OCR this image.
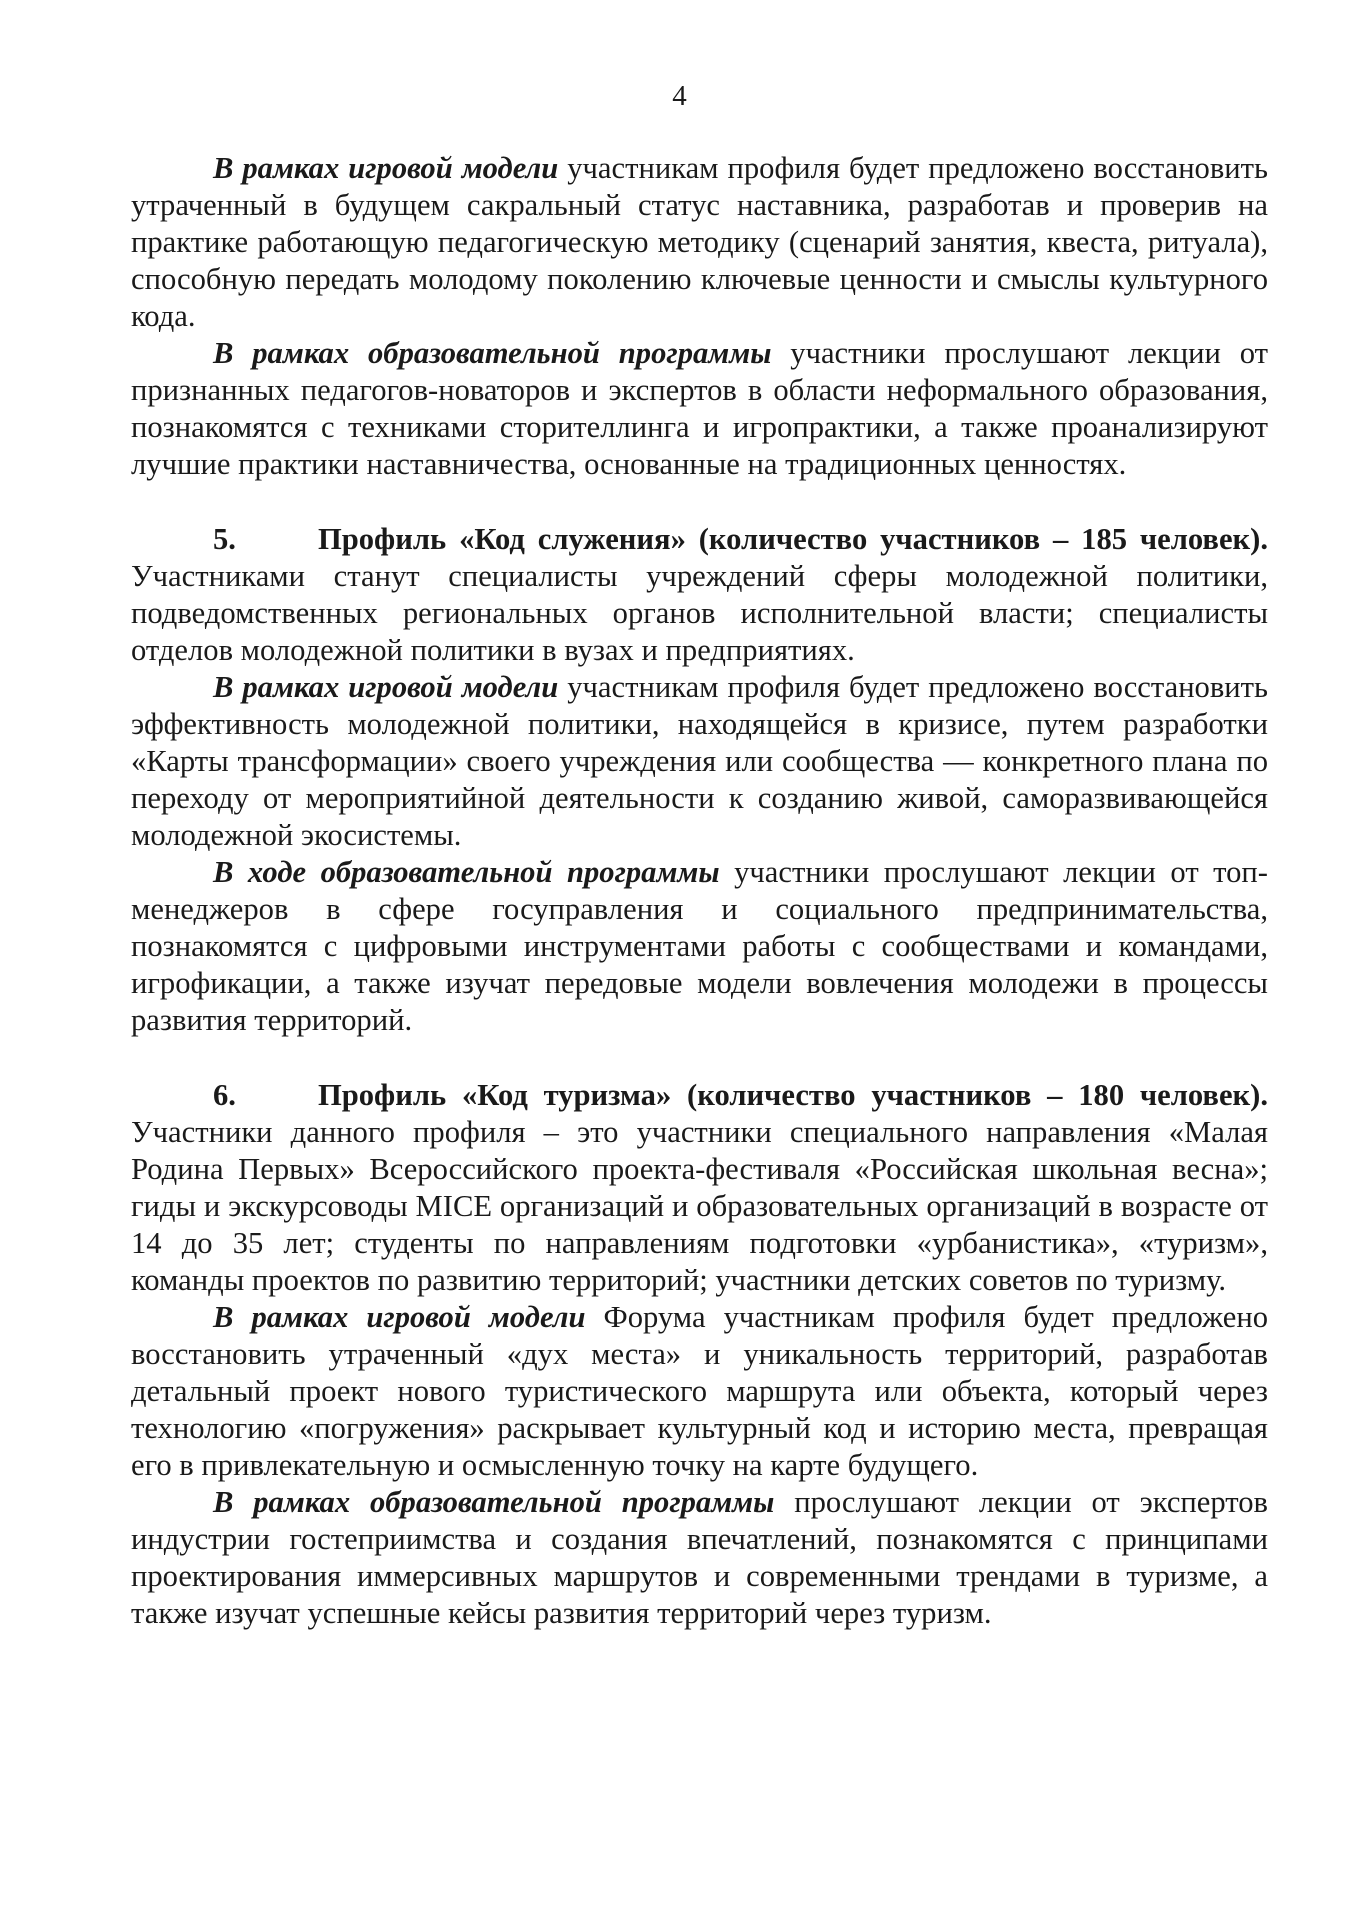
4

В рамках игровой модели участникам профиля будет предложено восстановить утраченный в будущем сакральный статус наставника, разработав и проверив на практике работающую педагогическую методику (сценарий занятия, квеста, ритуала), способную передать молодому поколению ключевые ценности и смыслы культурного кода.

В рамках образовательной программы участники прослушают лекции от признанных педагогов-новаторов и экспертов в области неформального образования, познакомятся с техниками сторителлинга и игропрактики, а также проанализируют лучшие практики наставничества, основанные на традиционных ценностях.

5.	Профиль «Код служения» (количество участников – 185 человек). Участниками станут специалисты учреждений сферы молодежной политики, подведомственных региональных органов исполнительной власти; специалисты отделов молодежной политики в вузах и предприятиях.

В рамках игровой модели участникам профиля будет предложено восстановить эффективность молодежной политики, находящейся в кризисе, путем разработки «Карты трансформации» своего учреждения или сообщества — конкретного плана по переходу от мероприятийной деятельности к созданию живой, саморазвивающейся молодежной экосистемы.

В ходе образовательной программы участники прослушают лекции от топ-менеджеров в сфере госуправления и социального предпринимательства, познакомятся с цифровыми инструментами работы с сообществами и командами, игрофикации, а также изучат передовые модели вовлечения молодежи в процессы развития территорий.

6.	Профиль «Код туризма» (количество участников – 180 человек). Участники данного профиля – это участники специального направления «Малая Родина Первых» Всероссийского проекта-фестиваля «Российская школьная весна»; гиды и экскурсоводы MICE организаций и образовательных организаций в возрасте от 14 до 35 лет; студенты по направлениям подготовки «урбанистика», «туризм», команды проектов по развитию территорий; участники детских советов по туризму.

В рамках игровой модели Форума участникам профиля будет предложено восстановить утраченный «дух места» и уникальность территорий, разработав детальный проект нового туристического маршрута или объекта, который через технологию «погружения» раскрывает культурный код и историю места, превращая его в привлекательную и осмысленную точку на карте будущего.

В рамках образовательной программы прослушают лекции от экспертов индустрии гостеприимства и создания впечатлений, познакомятся с принципами проектирования иммерсивных маршрутов и современными трендами в туризме, а также изучат успешные кейсы развития территорий через туризм.
